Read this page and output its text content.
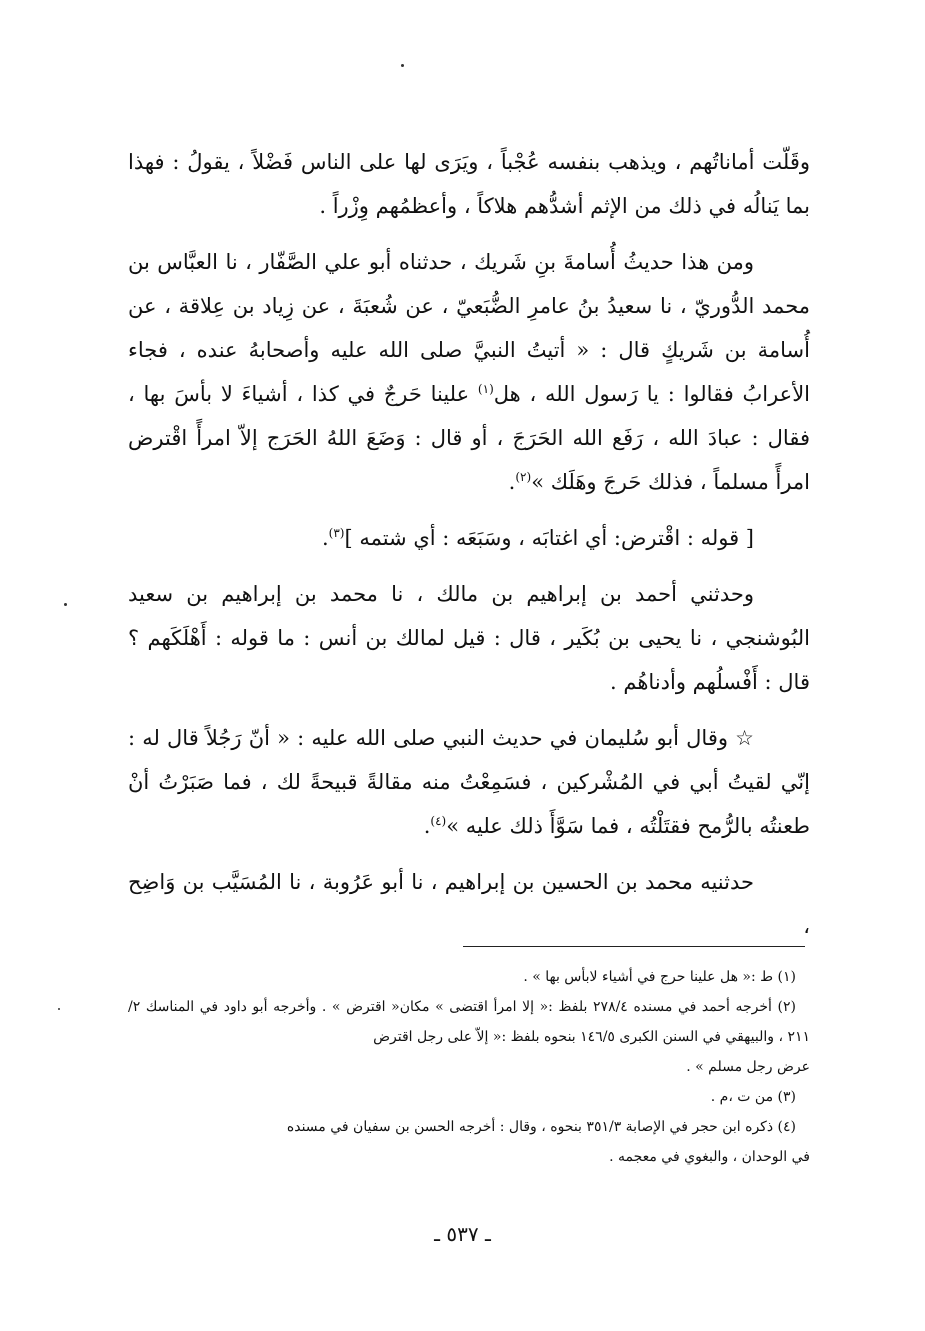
وقَلّت أماناتُهم ، ويذهب بنفسه عُجْباً ، ويَرَى لها على الناس فَضْلاً ، يقولُ : فهذا بما يَنالُه في ذلك من الإثم أشدُّهم هلاكاً ، وأعظمُهم وِزْراً .

ومن هذا حديثُ أُسامةَ بنِ شَريك ، حدثناه أبو علي الصَّفّار ، نا العبَّاس بن محمد الدُّوريّ ، نا سعيدُ بنُ عامرِ الضُّبَعيّ ، عن شُعبَةَ ، عن زِياد بن عِلاقة ، عن أُسامة بن شَريكٍ قال : « أتيتُ النبيَّ صلى الله عليه وأصحابهُ عنده ، فجاء الأعرابُ فقالوا : يا رَسول الله ، هل$^{(١)}$ علينا حَرجٌ في كذا ، أشياءَ لا بأسَ بها ، فقال : عبادَ الله ، رَفَع الله الحَرَجَ ، أو قال : وَضَعَ اللهُ الحَرَج إلاّ امرأً اقْترض امرأً مسلماً ، فذلك حَرجَ وهَلَك »$^{(٢)}$.

[ قوله : اقْترض: أي اغتابَه ، وسَبَعَه : أي شتمه ]$^{(٣)}$.

وحدثني أحمد بن إبراهيم بن مالك ، نا محمد بن إبراهيم بن سعيد البُوشنجي ، نا يحيى بن بُكَير ، قال : قيل لمالك بن أنس : ما قوله : أَهْلَكَهم ؟ قال : أَفْسلُهم وأدناهُم .

☆ وقال أبو سُليمان في حديث النبي صلى الله عليه : « أنّ رَجُلاً قال له : إنّي لقيتُ أبي في المُشْركين ، فسَمِعْتُ منه مقالةً قبيحةً لك ، فما صَبَرْتُ أنْ طعنتُه بالرُّمح فقتَلْتُه ، فما سَوَّأَ ذلك عليه »$^{(٤)}$.

حدثنيه محمد بن الحسين بن إبراهيم ، نا أبو عَرُوبة ، نا المُسَيَّب بن وَاضِح ،

(١) ط :« هل علينا حرج في أشياء لابأس بها » .

(٢) أخرجه أحمد في مسنده ٢٧٨/٤ بلفظ :« إلا امرأ اقتضى » مكان« اقترض » . وأخرجه أبو داود في المناسك ٢/ ٢١١ ، والبيهقي في السنن الكبرى ١٤٦/٥ بنحوه بلفظ :« إلاّ على رجل اقترض

عرض رجل مسلم » .

(٣) من ت ،م .

(٤) ذكره ابن حجر في الإصابة ٣٥١/٣ بنحوه ، وقال : أخرجه الحسن بن سفيان في مسنده

في الوحدان ، والبغوي في معجمه .

ـ ٥٣٧ ـ
